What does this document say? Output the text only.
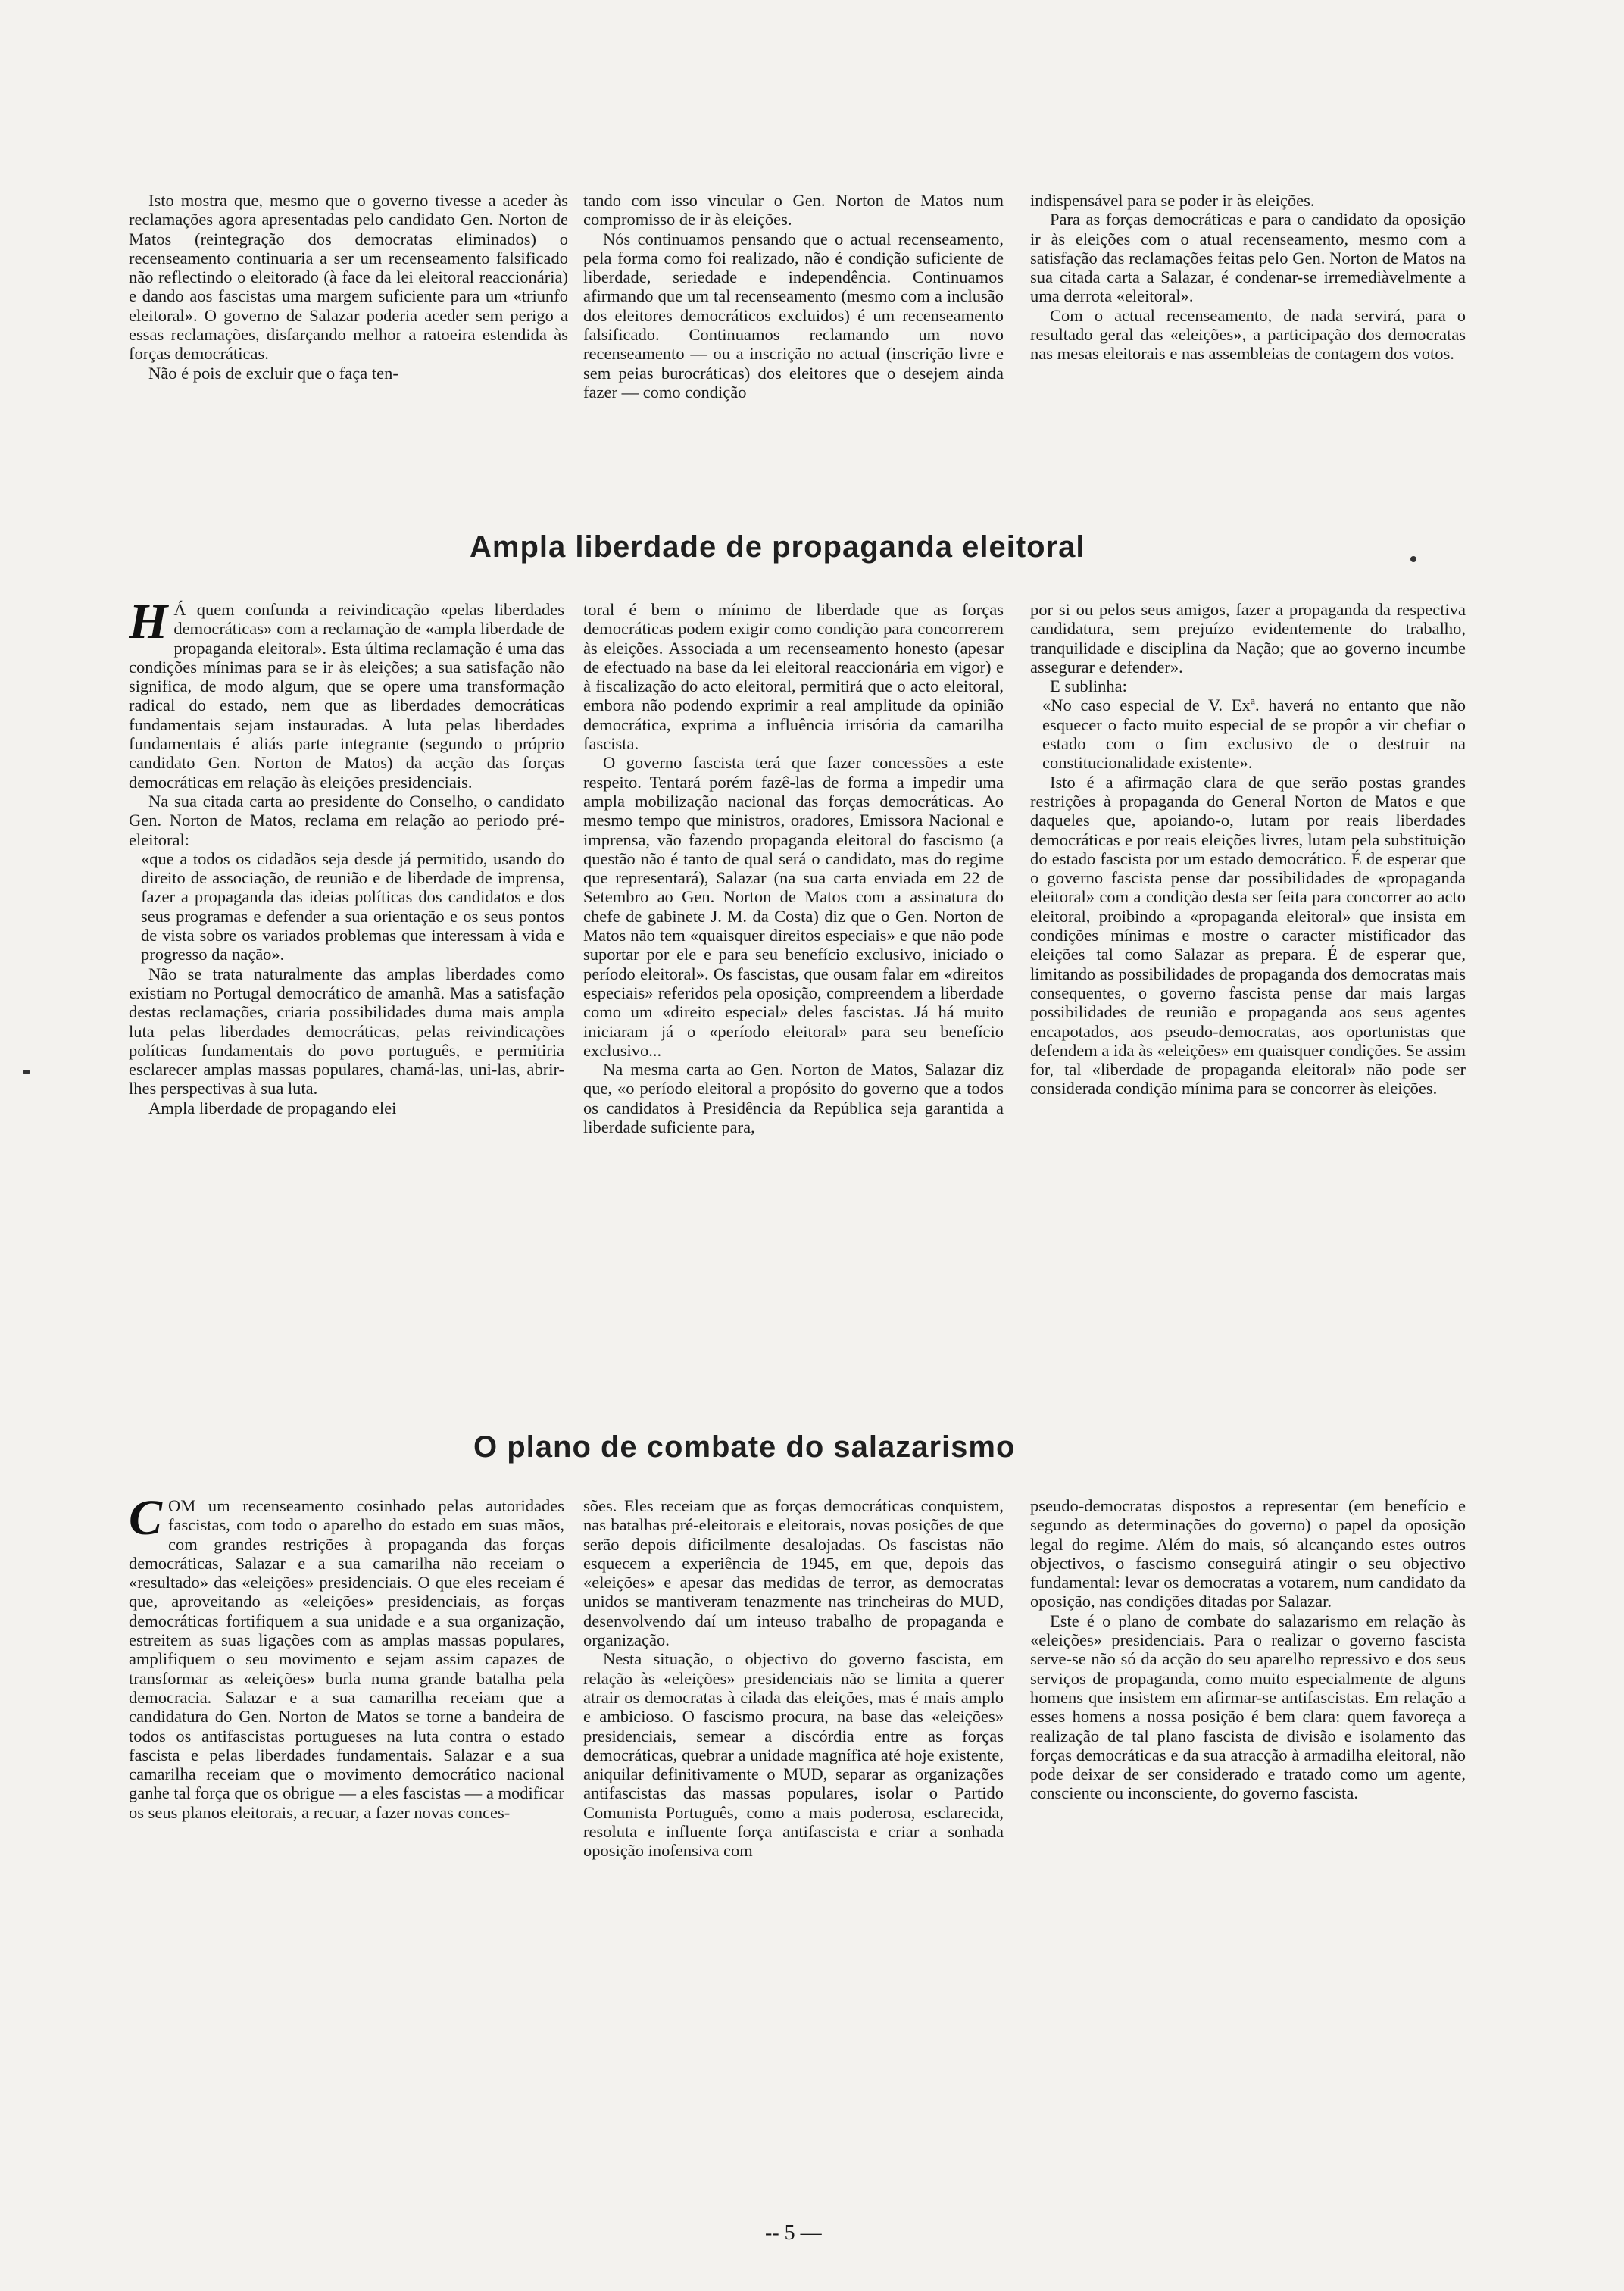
Isto mostra que, mesmo que o governo tivesse a aceder às reclamações agora apresentadas pelo candidato Gen. Norton de Matos (reintegração dos democratas eliminados) o recenseamento continuaria a ser um recenseamento falsificado não reflectindo o eleitorado (à face da lei eleitoral reaccionária) e dando aos fascistas uma margem suficiente para um «triunfo eleitoral». O governo de Salazar poderia aceder sem perigo a essas reclamações, disfarçando melhor a ratoeira estendida às forças democráticas.

Não é pois de excluir que o faça ten-

tando com isso vincular o Gen. Norton de Matos num compromisso de ir às eleições.

Nós continuamos pensando que o actual recenseamento, pela forma como foi realizado, não é condição suficiente de liberdade, seriedade e independência. Continuamos afirmando que um tal recenseamento (mesmo com a inclusão dos eleitores democráticos excluidos) é um recenseamento falsificado. Continuamos reclamando um novo recenseamento — ou a inscrição no actual (inscrição livre e sem peias burocráticas) dos eleitores que o desejem ainda fazer — como condição

indispensável para se poder ir às eleições.

Para as forças democráticas e para o candidato da oposição ir às eleições com o atual recenseamento, mesmo com a satisfação das reclamações feitas pelo Gen. Norton de Matos na sua citada carta a Salazar, é condenar-se irremediàvelmente a uma derrota «eleitoral».

Com o actual recenseamento, de nada servirá, para o resultado geral das «eleições», a participação dos democratas nas mesas eleitorais e nas assembleias de contagem dos votos.

Ampla liberdade de propaganda eleitoral

H Á quem confunda a reivindicação «pelas liberdades democráticas» com a reclamação de «ampla liberdade de propaganda eleitoral». Esta última reclamação é uma das condições mínimas para se ir às eleições; a sua satisfação não significa, de modo algum, que se opere uma transformação radical do estado, nem que as liberdades democráticas fundamentais sejam instauradas. A luta pelas liberdades fundamentais é aliás parte integrante (segundo o próprio candidato Gen. Norton de Matos) da acção das forças democráticas em relação às eleições presidenciais.

Na sua citada carta ao presidente do Conselho, o candidato Gen. Norton de Matos, reclama em relação ao periodo pré-eleitoral:

«que a todos os cidadãos seja desde já permitido, usando do direito de associação, de reunião e de liberdade de imprensa, fazer a propaganda das ideias políticas dos candidatos e dos seus programas e defender a sua orientação e os seus pontos de vista sobre os variados problemas que interessam à vida e progresso da nação».

Não se trata naturalmente das amplas liberdades como existiam no Portugal democrático de amanhã. Mas a satisfação destas reclamações, criaria possibilidades duma mais ampla luta pelas liberdades democráticas, pelas reivindicações políticas fundamentais do povo português, e permitiria esclarecer amplas massas populares, chamá-las, uni-las, abrir-lhes perspectivas à sua luta.

Ampla liberdade de propagando elei

toral é bem o mínimo de liberdade que as forças democráticas podem exigir como condição para concorrerem às eleições. Associada a um recenseamento honesto (apesar de efectuado na base da lei eleitoral reaccionária em vigor) e à fiscalização do acto eleitoral, permitirá que o acto eleitoral, embora não podendo exprimir a real amplitude da opinião democrática, exprima a influência irrisória da camarilha fascista.

O governo fascista terá que fazer concessões a este respeito. Tentará porém fazê-las de forma a impedir uma ampla mobilização nacional das forças democráticas. Ao mesmo tempo que ministros, oradores, Emissora Nacional e imprensa, vão fazendo propaganda eleitoral do fascismo (a questão não é tanto de qual será o candidato, mas do regime que representará), Salazar (na sua carta enviada em 22 de Setembro ao Gen. Norton de Matos com a assinatura do chefe de gabinete J. M. da Costa) diz que o Gen. Norton de Matos não tem «quaisquer direitos especiais» e que não pode suportar por ele e para seu benefício exclusivo, iniciado o período eleitoral». Os fascistas, que ousam falar em «direitos especiais» referidos pela oposição, compreendem a liberdade como um «direito especial» deles fascistas. Já há muito iniciaram já o «período eleitoral» para seu benefício exclusivo...

Na mesma carta ao Gen. Norton de Matos, Salazar diz que, «o período eleitoral a propósito do governo que a todos os candidatos à Presidência da República seja garantida a liberdade suficiente para,

por si ou pelos seus amigos, fazer a propaganda da respectiva candidatura, sem prejuízo evidentemente do trabalho, tranquilidade e disciplina da Nação; que ao governo incumbe assegurar e defender».

E sublinha:

«No caso especial de V. Exª. haverá no entanto que não esquecer o facto muito especial de se propôr a vir chefiar o estado com o fim exclusivo de o destruir na constitucionalidade existente».

Isto é a afirmação clara de que serão postas grandes restrições à propaganda do General Norton de Matos e que daqueles que, apoiando-o, lutam por reais liberdades democráticas e por reais eleições livres, lutam pela substituição do estado fascista por um estado democrático. É de esperar que o governo fascista pense dar possibilidades de «propaganda eleitoral» com a condição desta ser feita para concorrer ao acto eleitoral, proibindo a «propaganda eleitoral» que insista em condições mínimas e mostre o caracter mistificador das eleições tal como Salazar as prepara. É de esperar que, limitando as possibilidades de propaganda dos democratas mais consequentes, o governo fascista pense dar mais largas possibilidades de reunião e propaganda aos seus agentes encapotados, aos pseudo-democratas, aos oportunistas que defendem a ida às «eleições» em quaisquer condições. Se assim for, tal «liberdade de propaganda eleitoral» não pode ser considerada condição mínima para se concorrer às eleições.

O plano de combate do salazarismo

COM um recenseamento cosinhado pelas autoridades fascistas, com todo o aparelho do estado em suas mãos, com grandes restrições à propaganda das forças democráticas, Salazar e a sua camarilha não receiam o «resultado» das «eleições» presidenciais. O que eles receiam é que, aproveitando as «eleições» presidenciais, as forças democráticas fortifiquem a sua unidade e a sua organização, estreitem as suas ligações com as amplas massas populares, amplifiquem o seu movimento e sejam assim capazes de transformar as «eleições» burla numa grande batalha pela democracia. Salazar e a sua camarilha receiam que a candidatura do Gen. Norton de Matos se torne a bandeira de todos os antifascistas portugueses na luta contra o estado fascista e pelas liberdades fundamentais. Salazar e a sua camarilha receiam que o movimento democrático nacional ganhe tal força que os obrigue — a eles fascistas — a modificar os seus planos eleitorais, a recuar, a fazer novas conces-

sões. Eles receiam que as forças democráticas conquistem, nas batalhas pré-eleitorais e eleitorais, novas posições de que serão depois dificilmente desalojadas. Os fascistas não esquecem a experiência de 1945, em que, depois das «eleições» e apesar das medidas de terror, as democratas unidos se mantiveram tenazmente nas trincheiras do MUD, desenvolvendo daí um inteuso trabalho de propaganda e organização.

Nesta situação, o objectivo do governo fascista, em relação às «eleições» presidenciais não se limita a querer atrair os democratas à cilada das eleições, mas é mais amplo e ambicioso. O fascismo procura, na base das «eleições» presidenciais, semear a discórdia entre as forças democráticas, quebrar a unidade magnífica até hoje existente, aniquilar definitivamente o MUD, separar as organizações antifascistas das massas populares, isolar o Partido Comunista Português, como a mais poderosa, esclarecida, resoluta e influente força antifascista e criar a sonhada oposição inofensiva com

pseudo-democratas dispostos a representar (em benefício e segundo as determinações do governo) o papel da oposição legal do regime. Além do mais, só alcançando estes outros objectivos, o fascismo conseguirá atingir o seu objectivo fundamental: levar os democratas a votarem, num candidato da oposição, nas condições ditadas por Salazar.

Este é o plano de combate do salazarismo em relação às «eleições» presidenciais. Para o realizar o governo fascista serve-se não só da acção do seu aparelho repressivo e dos seus serviços de propaganda, como muito especialmente de alguns homens que insistem em afirmar-se antifascistas. Em relação a esses homens a nossa posição é bem clara: quem favoreça a realização de tal plano fascista de divisão e isolamento das forças democráticas e da sua atracção à armadilha eleitoral, não pode deixar de ser considerado e tratado como um agente, consciente ou inconsciente, do governo fascista.

-- 5 —
